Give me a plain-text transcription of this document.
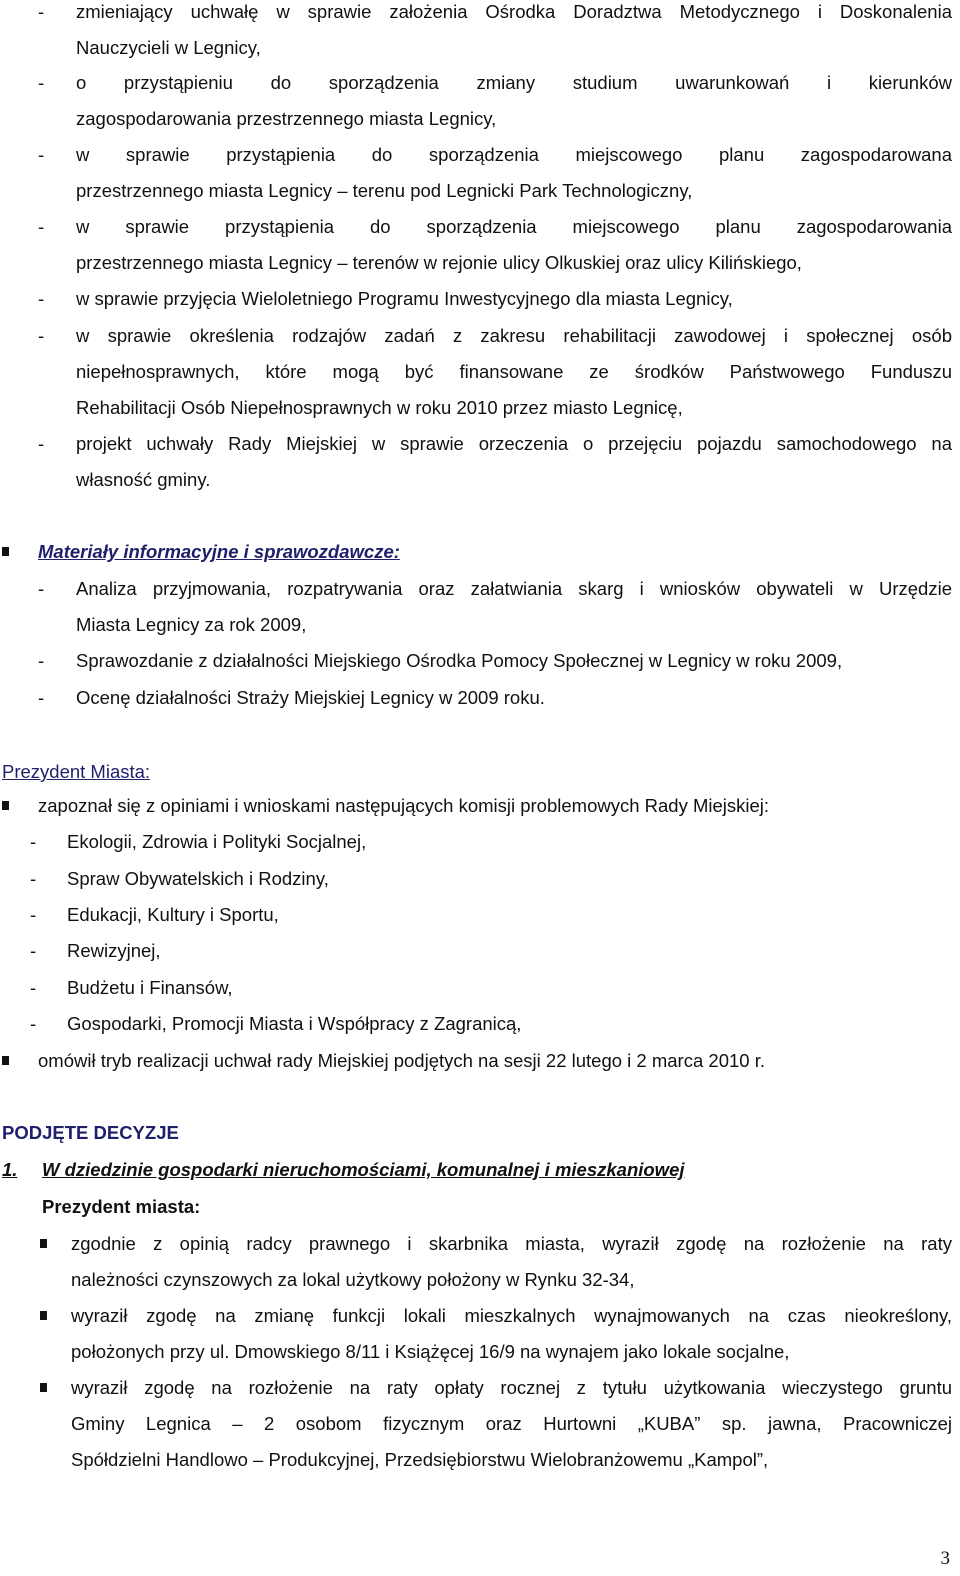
-	zmieniający uchwałę w sprawie założenia Ośrodka Doradztwa Metodycznego i Doskonalenia
Nauczycieli w Legnicy,
-	o przystąpieniu do sporządzenia zmiany studium uwarunkowań i kierunków
zagospodarowania przestrzennego miasta Legnicy,
-	w sprawie przystąpienia do sporządzenia miejscowego planu zagospodarowana
przestrzennego miasta Legnicy – terenu pod Legnicki Park Technologiczny,
-	w sprawie przystąpienia do sporządzenia miejscowego planu zagospodarowania
przestrzennego miasta Legnicy – terenów w rejonie ulicy Olkuskiej oraz ulicy Kilińskiego,
-	w sprawie przyjęcia Wieloletniego Programu Inwestycyjnego dla miasta Legnicy,
-	w sprawie określenia rodzajów zadań z zakresu rehabilitacji zawodowej i społecznej osób
niepełnosprawnych, które mogą być finansowane ze środków Państwowego Funduszu
Rehabilitacji Osób Niepełnosprawnych w roku 2010 przez miasto Legnicę,
-	projekt uchwały Rady Miejskiej w sprawie orzeczenia o przejęciu pojazdu samochodowego na
własność gminy.
Materiały informacyjne i sprawozdawcze:
-	Analiza przyjmowania, rozpatrywania oraz załatwiania skarg i wniosków obywateli w Urzędzie
Miasta Legnicy za rok 2009,
-	Sprawozdanie z działalności Miejskiego Ośrodka Pomocy Społecznej w Legnicy w roku 2009,
-	Ocenę działalności Straży Miejskiej Legnicy w 2009 roku.
Prezydent Miasta:
zapoznał się z opiniami i wnioskami następujących komisji problemowych Rady Miejskiej:
-	Ekologii, Zdrowia i Polityki Socjalnej,
-	Spraw Obywatelskich i Rodziny,
-	Edukacji, Kultury i Sportu,
-	Rewizyjnej,
-	Budżetu i Finansów,
-	Gospodarki, Promocji Miasta i Współpracy z Zagranicą,
omówił tryb realizacji uchwał rady Miejskiej podjętych na sesji 22 lutego i 2 marca 2010 r.
PODJĘTE DECYZJE
1.	W dziedzinie gospodarki nieruchomościami, komunalnej i mieszkaniowej
Prezydent miasta:
zgodnie z opinią radcy prawnego i skarbnika miasta, wyraził zgodę na rozłożenie na raty
należności czynszowych za lokal użytkowy położony w Rynku 32-34,
wyraził zgodę na zmianę funkcji lokali mieszkalnych wynajmowanych na czas nieokreślony,
położonych przy ul. Dmowskiego 8/11 i Książęcej 16/9 na wynajem jako lokale socjalne,
wyraził zgodę na rozłożenie na raty opłaty rocznej z tytułu użytkowania wieczystego gruntu
Gminy Legnica – 2 osobom fizycznym oraz Hurtowni „KUBA” sp. jawna, Pracowniczej
Spółdzielni Handlowo – Produkcyjnej, Przedsiębiorstwu Wielobranżowemu „Kampol”,
3
